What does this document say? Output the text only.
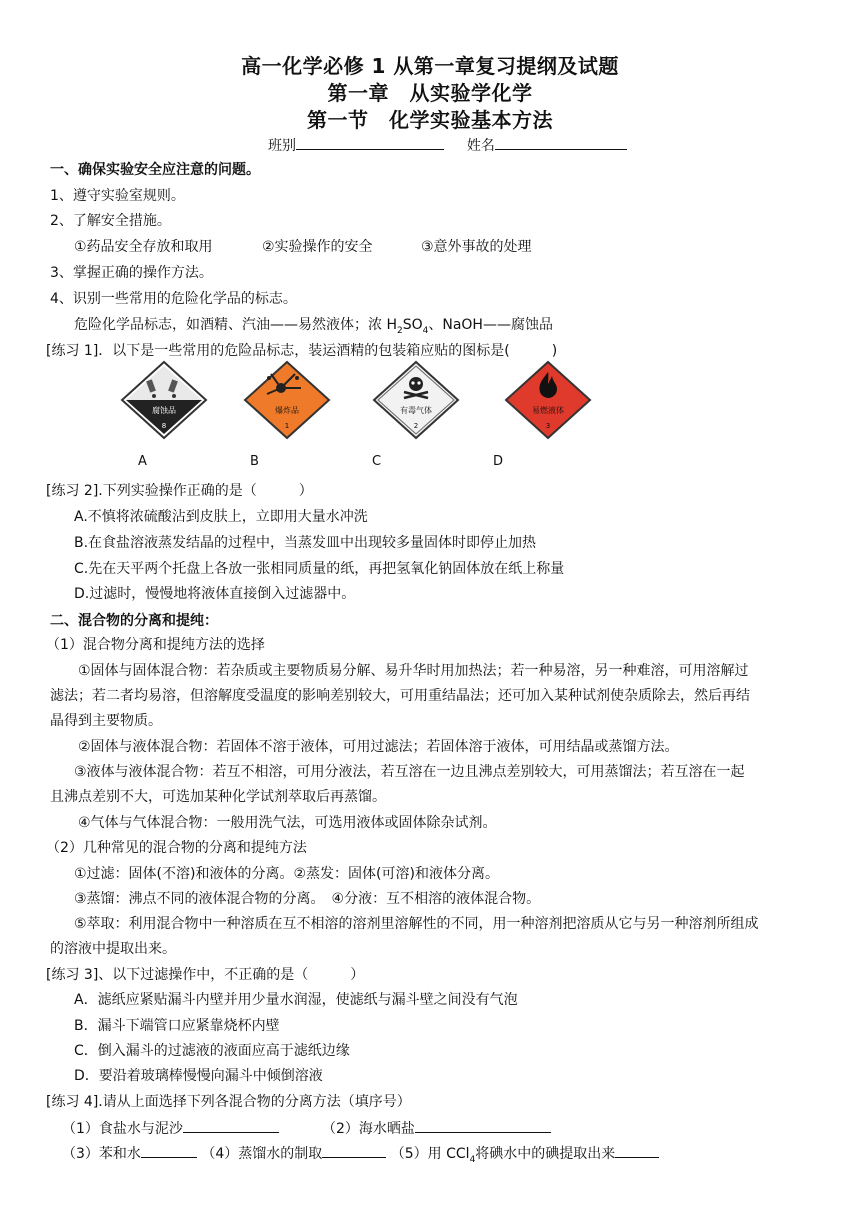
高一化学必修 1 从第一章复习提纲及试题
第一章　从实验学化学
第一节　化学实验基本方法
班别	姓名
一、确保实验安全应注意的问题。
1、遵守实验室规则。
2、了解安全措施。
①药品安全存放和取用	②实验操作的安全	③意外事故的处理
3、掌握正确的操作方法。
4、识别一些常用的危险化学品的标志。
危险化学品标志，如酒精、汽油——易然液体；浓 $H_2SO_4$、NaOH——腐蚀品
[练习 1]．以下是一些常用的危险品标志，装运酒精的包装箱应贴的图标是(　　　)
腐蚀品
8
爆炸品
1
有毒气体
2
易燃液体
3
A	B	C	D
[练习 2].下列实验操作正确的是（　　　）
A.不慎将浓硫酸沾到皮肤上，立即用大量水冲洗
B.在食盐溶液蒸发结晶的过程中，当蒸发皿中出现较多量固体时即停止加热
C.先在天平两个托盘上各放一张相同质量的纸，再把氢氧化钠固体放在纸上称量
D.过滤时，慢慢地将液体直接倒入过滤器中。
二、混合物的分离和提纯：
（1）混合物分离和提纯方法的选择
①固体与固体混合物：若杂质或主要物质易分解、易升华时用加热法；若一种易溶，另一种难溶，可用溶解过
滤法；若二者均易溶，但溶解度受温度的影响差别较大，可用重结晶法；还可加入某种试剂使杂质除去，然后再结
晶得到主要物质。
②固体与液体混合物：若固体不溶于液体，可用过滤法；若固体溶于液体，可用结晶或蒸馏方法。
③液体与液体混合物：若互不相溶，可用分液法，若互溶在一边且沸点差别较大，可用蒸馏法；若互溶在一起
且沸点差别不大，可选加某种化学试剂萃取后再蒸馏。
④气体与气体混合物：一般用洗气法，可选用液体或固体除杂试剂。
（2）几种常见的混合物的分离和提纯方法
①过滤：固体(不溶)和液体的分离。②蒸发：固体(可溶)和液体分离。
③蒸馏：沸点不同的液体混合物的分离。　④分液：互不相溶的液体混合物。
⑤萃取：利用混合物中一种溶质在互不相溶的溶剂里溶解性的不同，用一种溶剂把溶质从它与另一种溶剂所组成
的溶液中提取出来。
[练习 3]、以下过滤操作中，不正确的是（　　　）
A．滤纸应紧贴漏斗内壁并用少量水润湿，使滤纸与漏斗壁之间没有气泡
B．漏斗下端管口应紧靠烧杯内壁
C．倒入漏斗的过滤液的液面应高于滤纸边缘
D．要沿着玻璃棒慢慢向漏斗中倾倒溶液
[练习 4].请从上面选择下列各混合物的分离方法（填序号）
（1）食盐水与泥沙	（2）海水晒盐
（3）苯和水	（4）蒸馏水的制取	（5）用 CCl$_4$将碘水中的碘提取出来
